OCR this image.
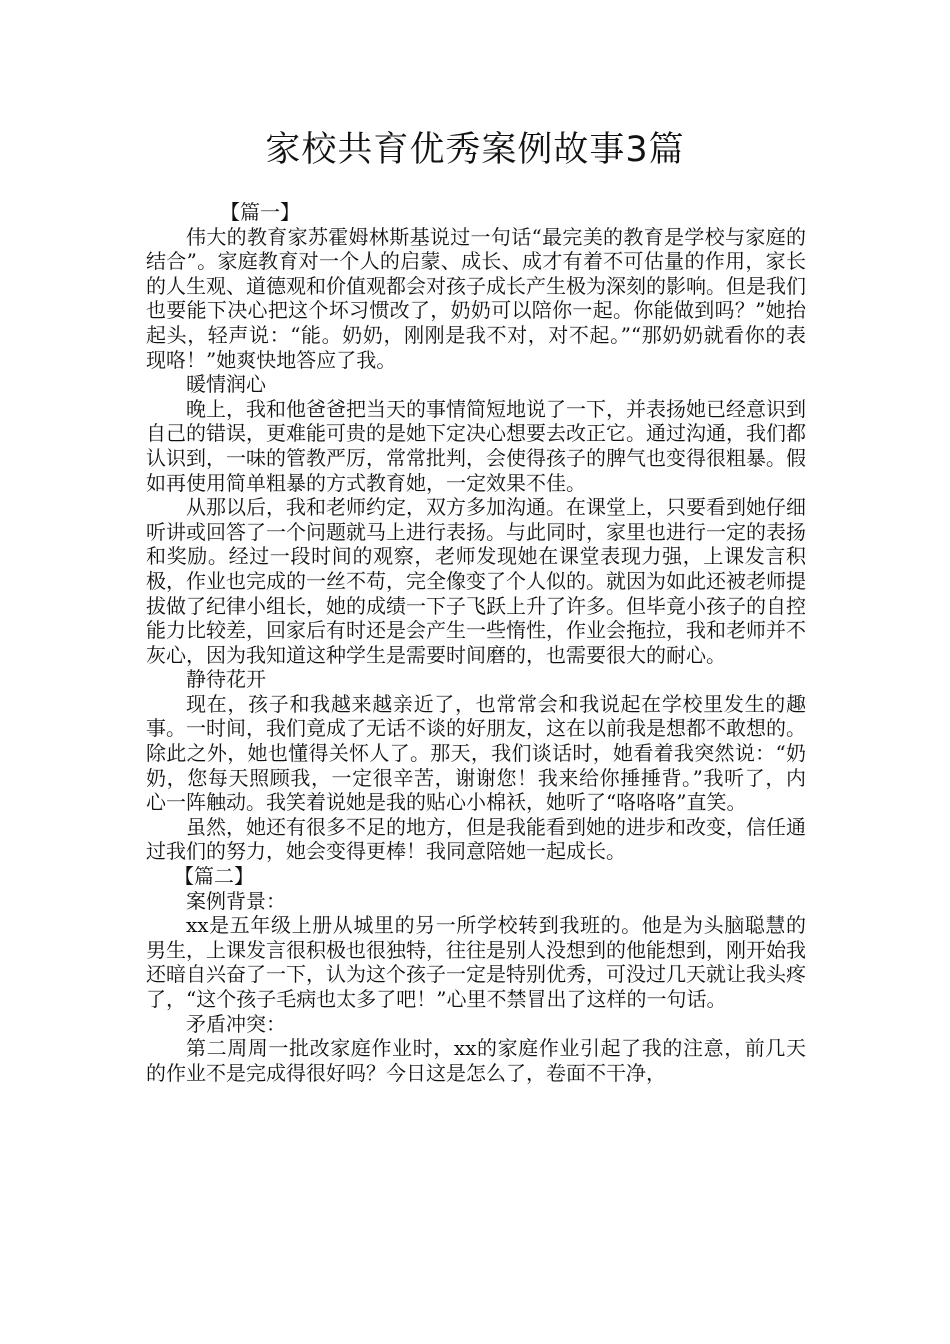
家校共育优秀案例故事3篇

【篇一】

伟大的教育家苏霍姆林斯基说过一句话“最完美的教育是学校与家庭的结合”。家庭教育对一个人的启蒙、成长、成才有着不可估量的作用，家长的人生观、道德观和价值观都会对孩子成长产生极为深刻的影响。但是我们也要能下决心把这个坏习惯改了，奶奶可以陪你一起。你能做到吗？”她抬起头，轻声说：“能。奶奶，刚刚是我不对，对不起。”“那奶奶就看你的表现咯！”她爽快地答应了我。

暖情润心

晚上，我和他爸爸把当天的事情简短地说了一下，并表扬她已经意识到自己的错误，更难能可贵的是她下定决心想要去改正它。通过沟通，我们都认识到，一味的管教严厉，常常批判，会使得孩子的脾气也变得很粗暴。假如再使用简单粗暴的方式教育她，一定效果不佳。

从那以后，我和老师约定，双方多加沟通。在课堂上，只要看到她仔细听讲或回答了一个问题就马上进行表扬。与此同时，家里也进行一定的表扬和奖励。经过一段时间的观察，老师发现她在课堂表现力强，上课发言积极，作业也完成的一丝不苟，完全像变了个人似的。就因为如此还被老师提拔做了纪律小组长，她的成绩一下子飞跃上升了许多。但毕竟小孩子的自控能力比较差，回家后有时还是会产生一些惰性，作业会拖拉，我和老师并不灰心，因为我知道这种学生是需要时间磨的，也需要很大的耐心。

静待花开

现在，孩子和我越来越亲近了，也常常会和我说起在学校里发生的趣事。一时间，我们竟成了无话不谈的好朋友，这在以前我是想都不敢想的。除此之外，她也懂得关怀人了。那天，我们谈话时，她看着我突然说：“奶奶，您每天照顾我，一定很辛苦，谢谢您！我来给你捶捶背。”我听了，内心一阵触动。我笑着说她是我的贴心小棉袄，她听了“咯咯咯”直笑。

虽然，她还有很多不足的地方，但是我能看到她的进步和改变，信任通过我们的努力，她会变得更棒！我同意陪她一起成长。

【篇二】

案例背景：

xx是五年级上册从城里的另一所学校转到我班的。他是为头脑聪慧的男生，上课发言很积极也很独特，往往是别人没想到的他能想到，刚开始我还暗自兴奋了一下，认为这个孩子一定是特别优秀，可没过几天就让我头疼了，“这个孩子毛病也太多了吧！”心里不禁冒出了这样的一句话。

矛盾冲突：

第二周周一批改家庭作业时，xx的家庭作业引起了我的注意，前几天的作业不是完成得很好吗？今日这是怎么了，卷面不干净，
